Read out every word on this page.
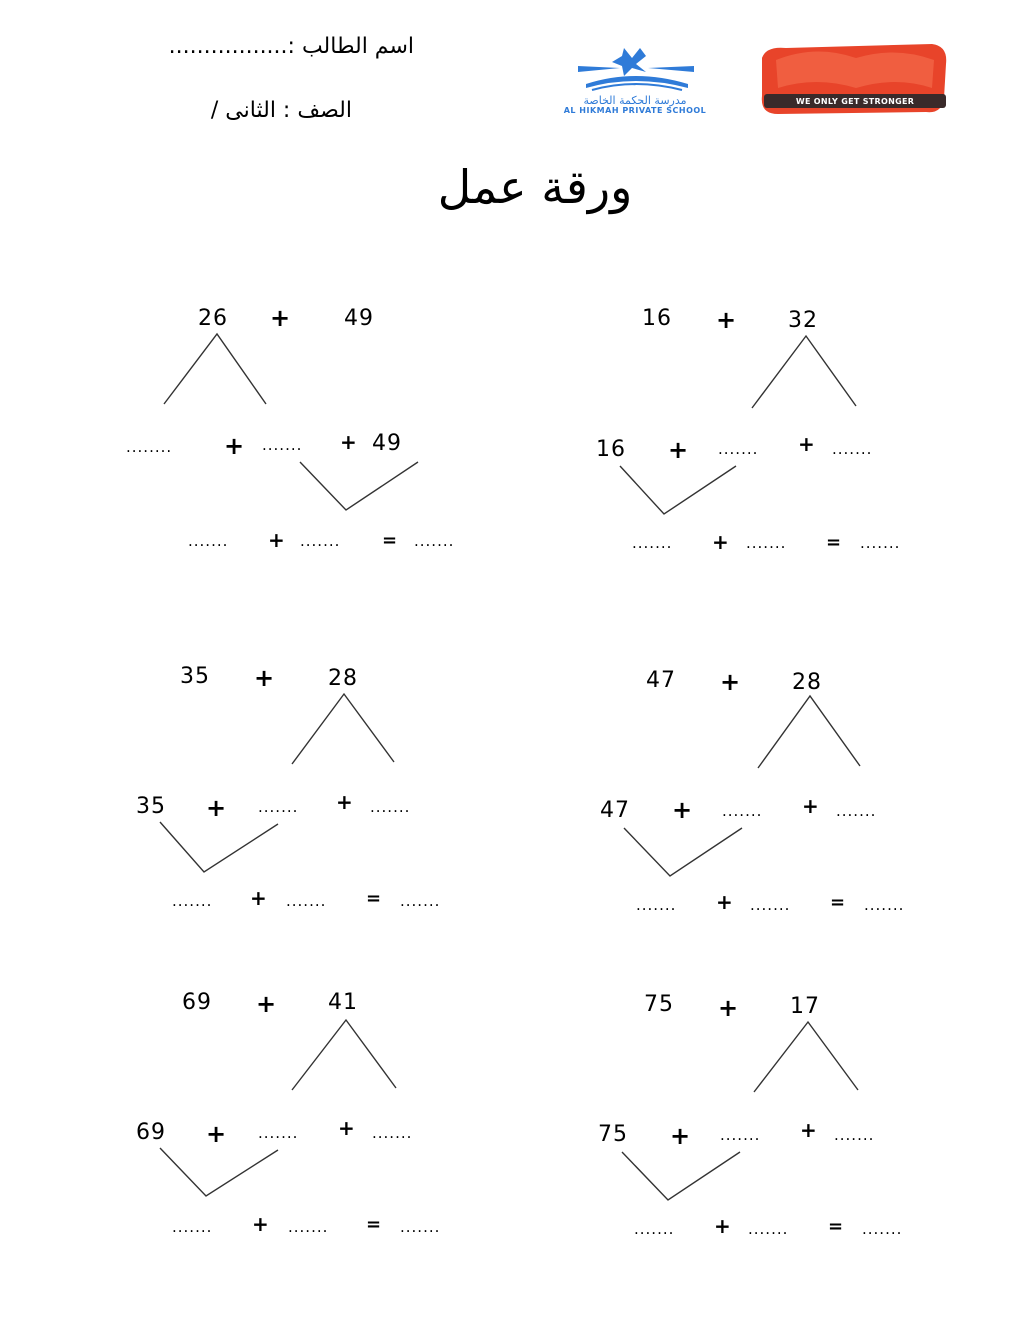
اسم الطالب :.................
الصف : الثانى /	مدرسة الحكمة الخاصة
AL HIKMAH PRIVATE SCHOOL
WE ONLY GET STRONGER
ورقة عمل
26 + 49
........ + ....... + 49
....... + ....... = .......
16 + 32
16 + ....... + .......
....... + ....... = .......
35 + 28
35 + ....... + .......
....... + ....... = .......
47 + 28
47 + ....... + .......
....... + ....... = .......
69 + 41
69 + ....... + .......
....... + ....... = .......
75 + 17
75 + ....... + .......
....... + ....... = .......
